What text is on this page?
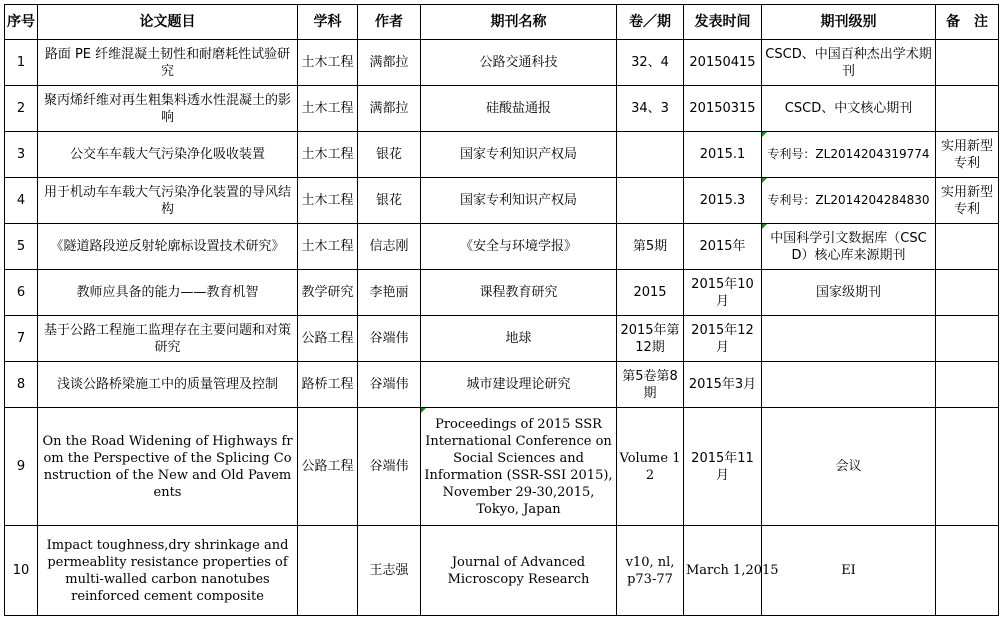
序号	论文题目	学科	作者	期刊名称	卷／期	发表时间	期刊级别	备　注
1	路面 PE 纤维混凝土韧性和耐磨耗性试验研究	土木工程	满都拉	公路交通科技	32、4	20150415	CSCD、中国百种杰出学术期刊	
2	聚丙烯纤维对再生粗集料透水性混凝土的影响	土木工程	满都拉	硅酸盐通报	34、3	20150315	CSCD、中文核心期刊	
3	公交车车载大气污染净化吸收装置	土木工程	银花	国家专利知识产权局		2015.1	专利号：ZL2014204319774	实用新型专利
4	用于机动车车载大气污染净化装置的导风结构	土木工程	银花	国家专利知识产权局		2015.3	专利号：ZL2014204284830	实用新型专利
5	《隧道路段逆反射轮廓标设置技术研究》	土木工程	信志刚	《安全与环境学报》	第5期	2015年	中国科学引文数据库（CSCD）核心库来源期刊	
6	教师应具备的能力——教育机智	教学研究	李艳丽	课程教育研究	2015	2015年10月	国家级期刊	
7	基于公路工程施工监理存在主要问题和对策研究	公路工程	谷端伟	地球	2015年第12期	2015年12月		
8	浅谈公路桥梁施工中的质量管理及控制	路桥工程	谷端伟	城市建设理论研究	第5卷第8期	2015年3月		
9	On the Road Widening of Highways from the Perspective of the Splicing Construction of the New and Old Pavements	公路工程	谷端伟	Proceedings of 2015 SSR International Conference on Social Sciences and Information (SSR-SSI 2015), November 29-30,2015, Tokyo, Japan	Volume 12	2015年11月	会议	
10	Impact toughness,dry shrinkage and permeablity resistance properties of multi-walled carbon nanotubes reinforced cement composite		王志强	Journal of Advanced Microscopy Research	v10, nl, p73-77	March 1,2015	EI	
